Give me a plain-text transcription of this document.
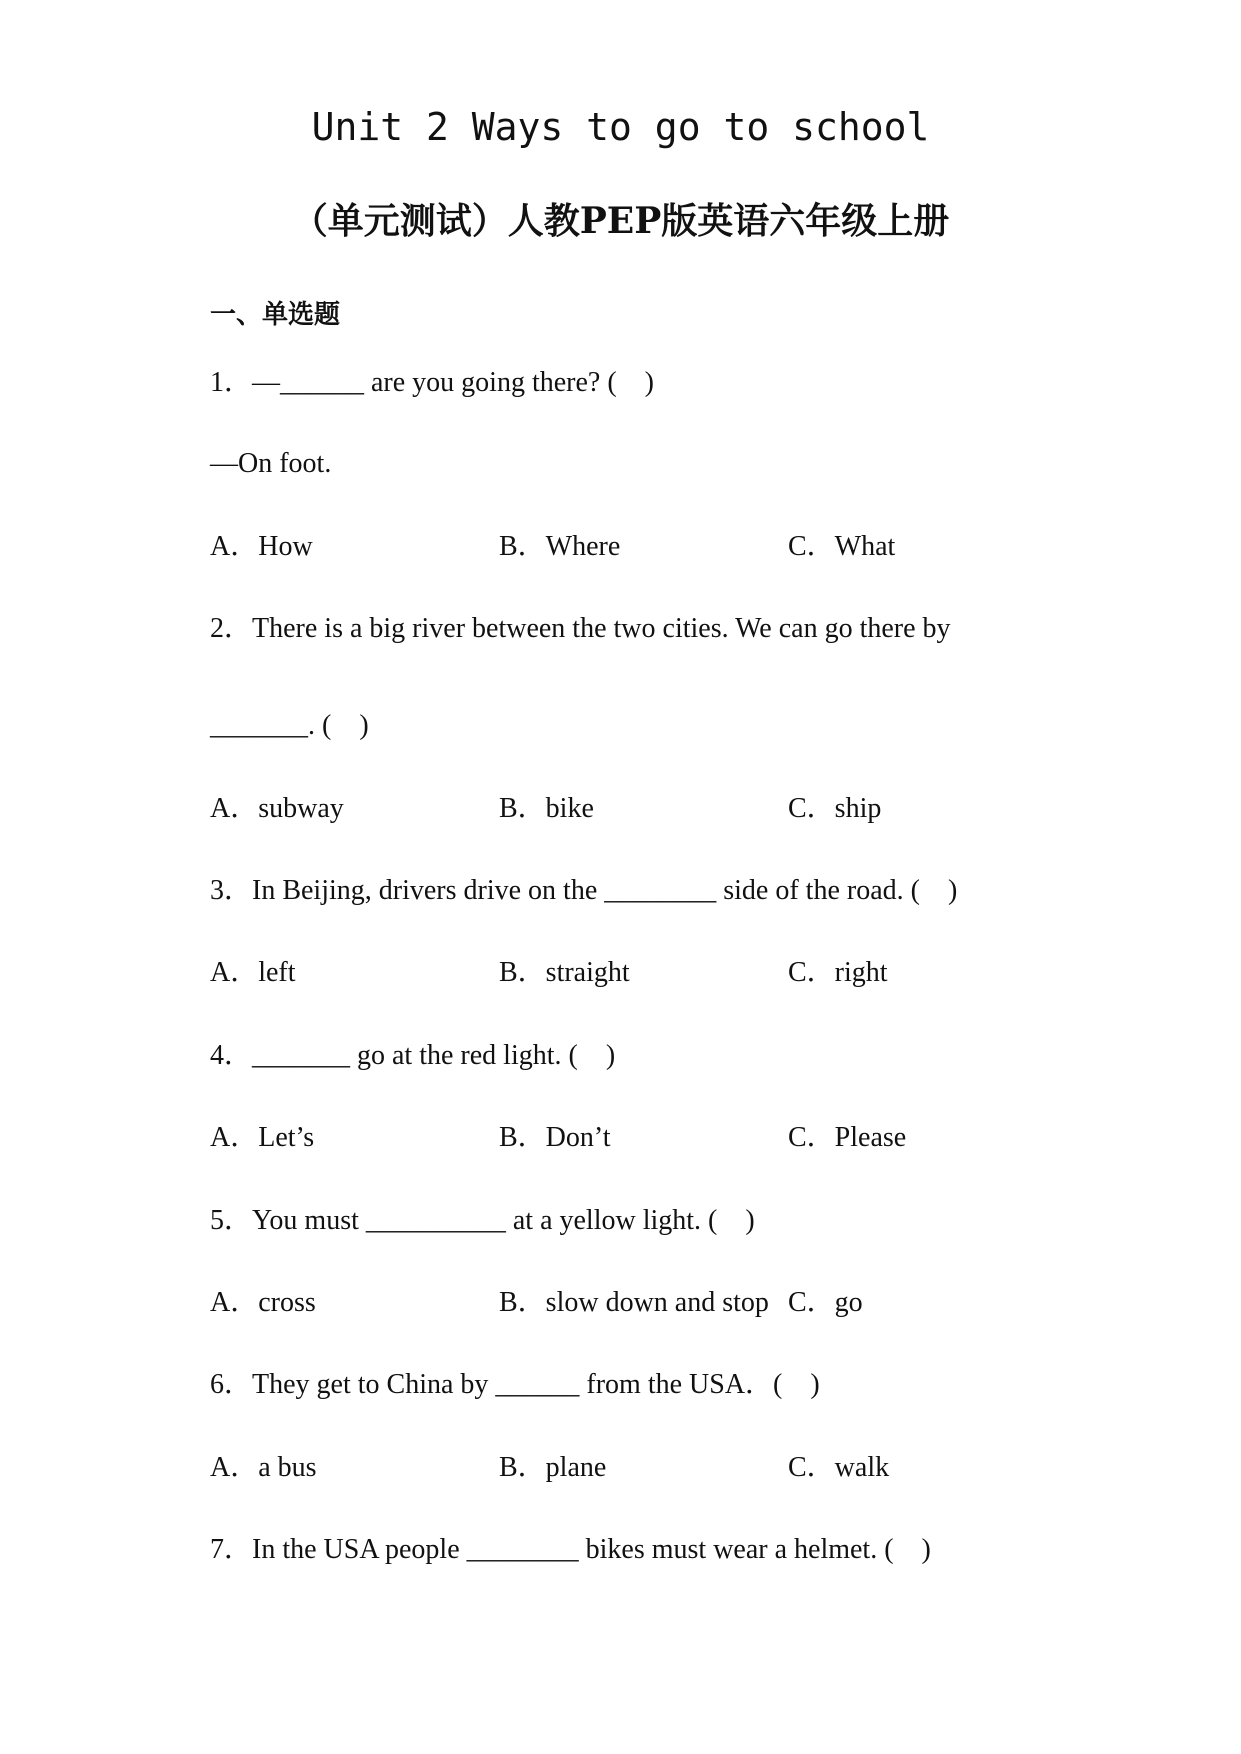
Unit 2 Ways to go to school
（单元测试）人教PEP版英语六年级上册
一、单选题
1．—______ are you going there? (　)
—On foot.
A．How	B．Where	C．What
2．There is a big river between the two cities. We can go there by
_______. (　)
A．subway	B．bike	C．ship
3．In Beijing, drivers drive on the ________ side of the road. (　)
A．left	B．straight	C．right
4．_______ go at the red light. (　)
A．Let’s	B．Don’t	C．Please
5．You must __________ at a yellow light. (　)
A．cross	B．slow down and stop C．go
6．They get to China by ______ from the USA．(　)
A．a bus	B．plane	C．walk
7．In the USA people ________ bikes must wear a helmet. (　)
